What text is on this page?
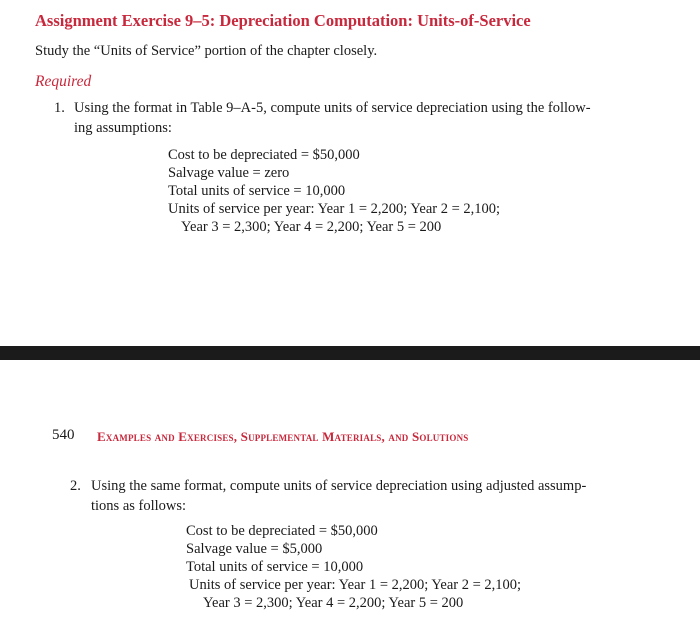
Assignment Exercise 9–5: Depreciation Computation: Units-of-Service
Study the “Units of Service” portion of the chapter closely.
Required
1. Using the format in Table 9–A-5, compute units of service depreciation using the follow-
ing assumptions:
Cost to be depreciated = $50,000
Salvage value = zero
Total units of service = 10,000
Units of service per year: Year 1 = 2,200; Year 2 = 2,100;
Year 3 = 2,300; Year 4 = 2,200; Year 5 = 200
540 Examples and Exercises, Supplemental Materials, and Solutions
2. Using the same format, compute units of service depreciation using adjusted assump-
tions as follows:
Cost to be depreciated = $50,000
Salvage value = $5,000
Total units of service = 10,000
Units of service per year: Year 1 = 2,200; Year 2 = 2,100;
Year 3 = 2,300; Year 4 = 2,200; Year 5 = 200
